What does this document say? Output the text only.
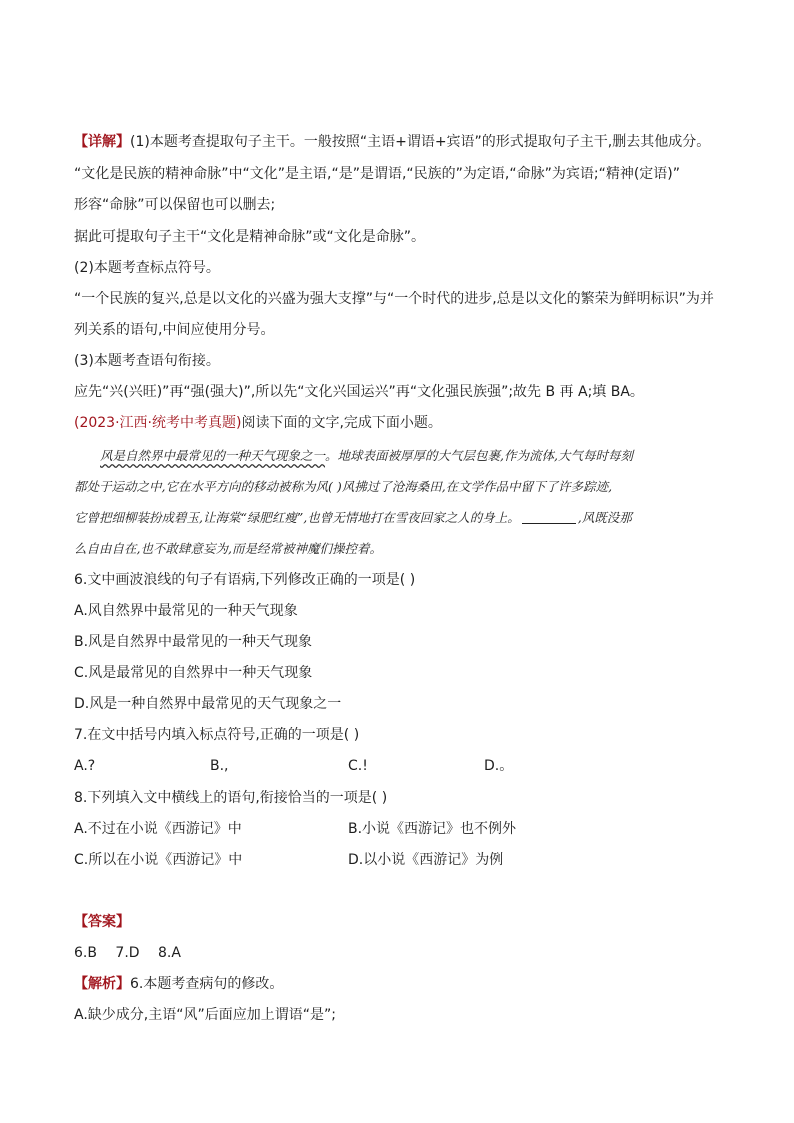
【详解】(1)本题考查提取句子主干。一般按照“主语+谓语+宾语”的形式提取句子主干,删去其他成分。
“文化是民族的精神命脉”中“文化”是主语,“是”是谓语,“民族的”为定语,“命脉”为宾语;“精神(定语)”
形容“命脉”可以保留也可以删去;
据此可提取句子主干“文化是精神命脉”或“文化是命脉”。
(2)本题考查标点符号。
“一个民族的复兴,总是以文化的兴盛为强大支撑”与“一个时代的进步,总是以文化的繁荣为鲜明标识”为并
列关系的语句,中间应使用分号。
(3)本题考查语句衔接。
应先“兴(兴旺)”再“强(强大)”,所以先“文化兴国运兴”再“文化强民族强”;故先 B 再 A;填 BA。
(2023·江西·统考中考真题)阅读下面的文字,完成下面小题。
风是自然界中最常见的一种天气现象之一。地球表面被厚厚的大气层包裹,作为流体,大气每时每刻
都处于运动之中,它在水平方向的移动被称为风( )风拂过了沧海桑田,在文学作品中留下了许多踪迹,
它曾把细柳装扮成碧玉,让海棠“绿肥红瘦”,也曾无情地打在雪夜回家之人的身上。	,风既没那
么自由自在,也不敢肆意妄为,而是经常被神魔们操控着。
6.文中画波浪线的句子有语病,下列修改正确的一项是( )
A.风自然界中最常见的一种天气现象
B.风是自然界中最常见的一种天气现象
C.风是最常见的自然界中一种天气现象
D.风是一种自然界中最常见的天气现象之一
7.在文中括号内填入标点符号,正确的一项是( )
A.?	B.,	C.!	D.。
8.下列填入文中横线上的语句,衔接恰当的一项是( )
A.不过在小说《西游记》中	B.小说《西游记》也不例外
C.所以在小说《西游记》中	D.以小说《西游记》为例
【答案】
6.B 7.D 8.A
【解析】6.本题考查病句的修改。
A.缺少成分,主语“风”后面应加上谓语“是”;
